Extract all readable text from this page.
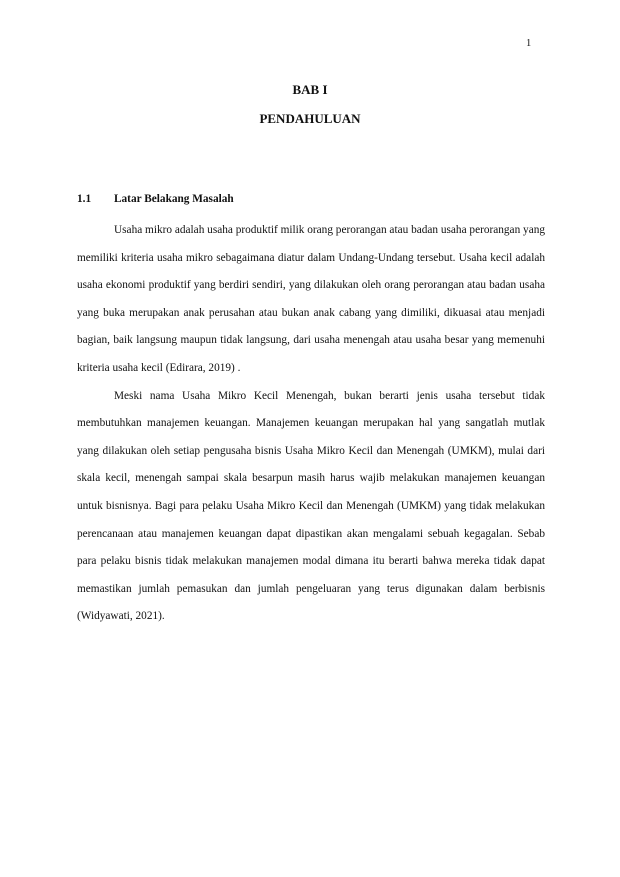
1
BAB I
PENDAHULUAN
1.1 Latar Belakang Masalah

Usaha mikro adalah usaha produktif milik orang perorangan atau badan usaha perorangan yang memiliki kriteria usaha mikro sebagaimana diatur dalam Undang-Undang tersebut. Usaha kecil adalah usaha ekonomi produktif yang berdiri sendiri, yang dilakukan oleh orang perorangan atau badan usaha yang buka merupakan anak perusahan atau bukan anak cabang yang dimiliki, dikuasai atau menjadi bagian, baik langsung maupun tidak langsung, dari usaha menengah atau usaha besar yang memenuhi kriteria usaha kecil (Edirara, 2019) .

Meski nama Usaha Mikro Kecil Menengah, bukan berarti jenis usaha tersebut tidak membutuhkan manajemen keuangan. Manajemen keuangan merupakan hal yang sangatlah mutlak yang dilakukan oleh setiap pengusaha bisnis Usaha Mikro Kecil dan Menengah (UMKM), mulai dari skala kecil, menengah sampai skala besarpun masih harus wajib melakukan manajemen keuangan untuk bisnisnya. Bagi para pelaku Usaha Mikro Kecil dan Menengah (UMKM) yang tidak melakukan perencanaan atau manajemen keuangan dapat dipastikan akan mengalami sebuah kegagalan. Sebab para pelaku bisnis tidak melakukan manajemen modal dimana itu berarti bahwa mereka tidak dapat memastikan jumlah pemasukan dan jumlah pengeluaran yang terus digunakan dalam berbisnis (Widyawati, 2021).
